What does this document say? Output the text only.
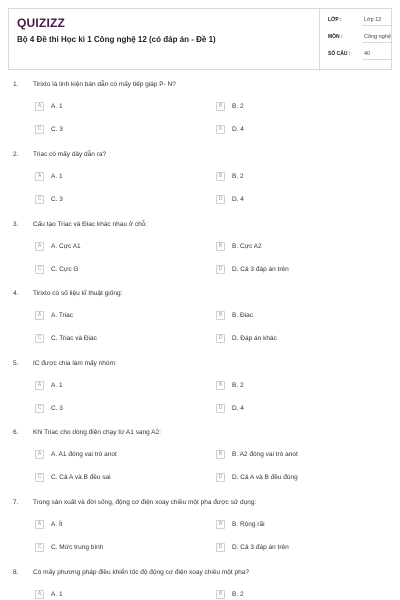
QUIZIZZ
Bộ 4 Đề thi Học kì 1 Công nghệ 12 (có đáp án - Đề 1)
LỚP :	Lớp 12
MÔN :	Công nghệ
SỐ CÂU : 40
1. Tirixto là linh kiện bán dẫn có mấy tiếp giáp P- N?
A	A. 1	B	B. 2
C	C. 3	D	D. 4
2. Triac có mấy dây dẫn ra?
A	A. 1	B	B. 2
C	C. 3	D	D. 4
3. Cấu tạo Triac và Điac khác nhau ở chỗ:
A	A. Cực A1	B	B. Cực A2
C	C. Cực G	D	D. Cả 3 đáp án trên
4. Tirixto có số liệu kĩ thuật giống:
A	A. Triac	B	B. Điac
C	C. Triac và Điac	D	D. Đáp án khác
5. IC được chia làm mấy nhóm:
A	A. 1	B	B. 2
C	C. 3	D	D. 4
6. Khi Triac cho dòng điện chạy từ A1 sang A2:
A	A. A1 đóng vai trò anot	B	B. A2 đóng vai trò anot
C	C. Cả A và B đều sai	D	D. Cả A và B đều đúng
7. Trong sản xuất và đời sống, động cơ điện xoay chiều một pha được sử dụng:
A	A. Ít	B	B. Rộng rãi
C	C. Mức trung bình	D	D. Cả 3 đáp án trên
8. Có mấy phương pháp điều khiển tốc độ động cơ điện xoay chiều một pha?
A	A. 1	B	B. 2
